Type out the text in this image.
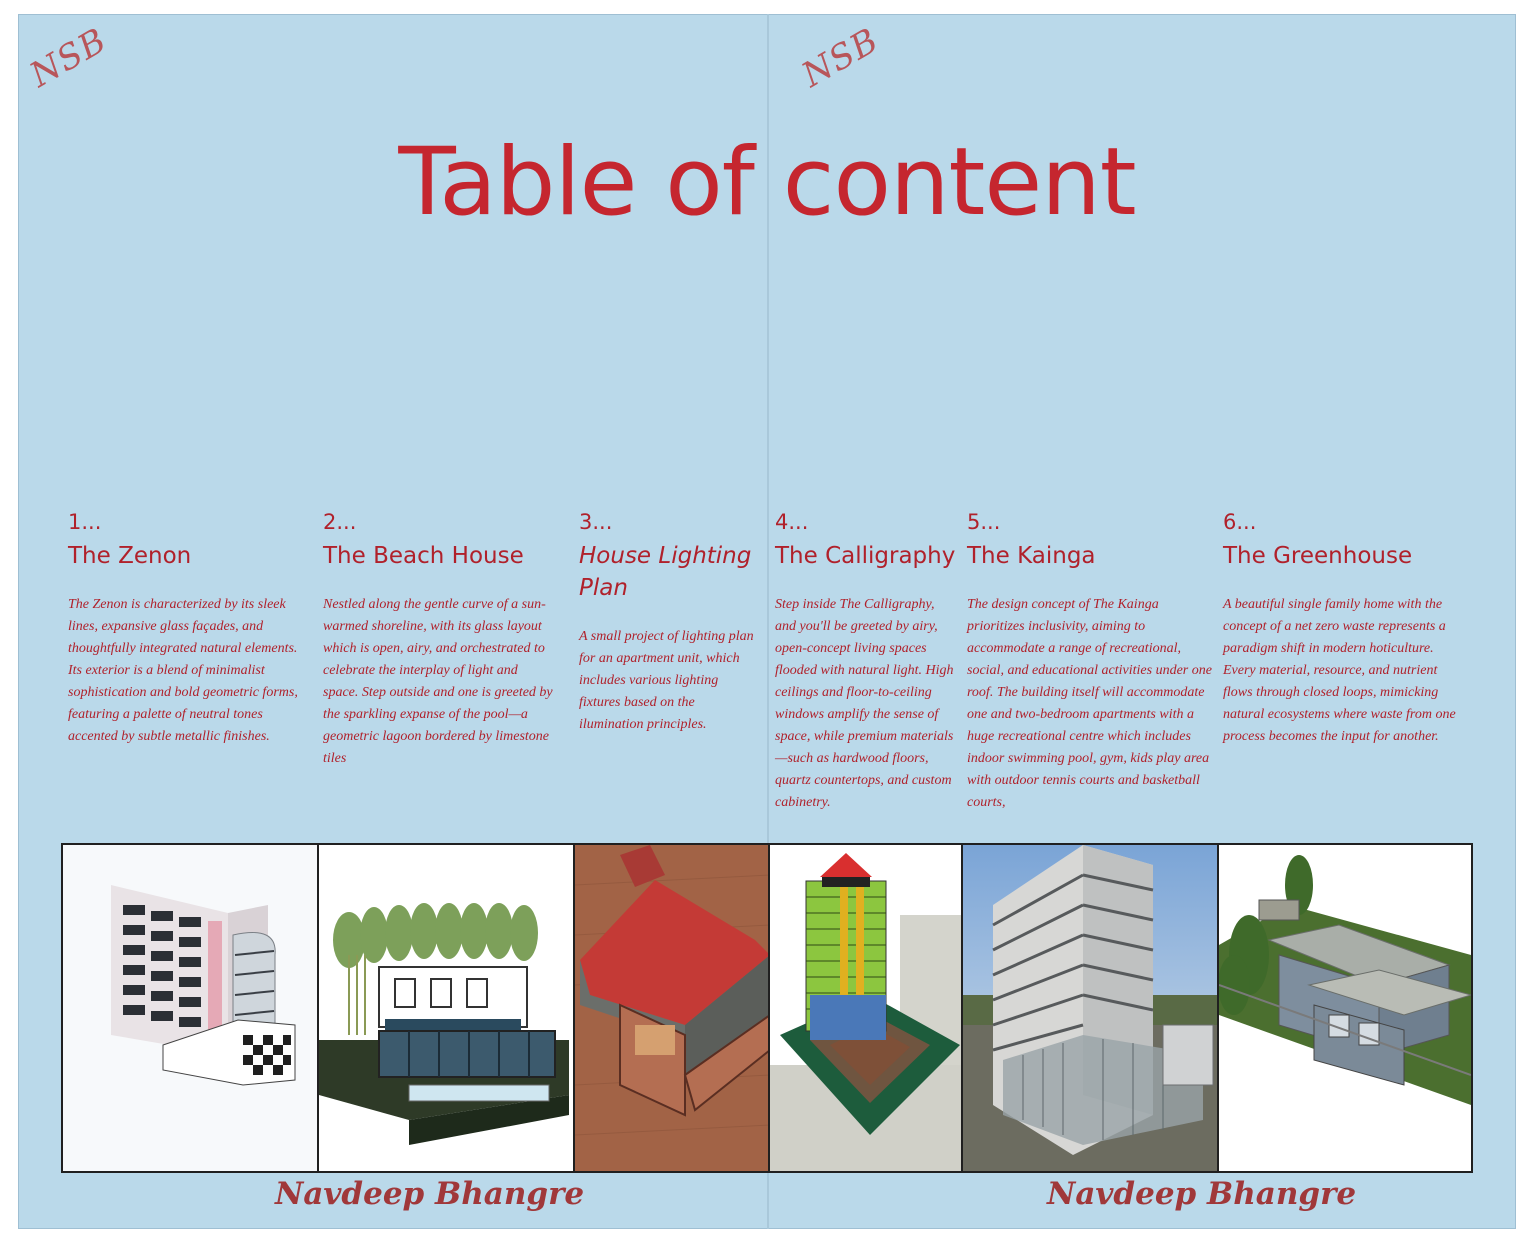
NSB	NSB
Table of content
1...
The Zenon
The Zenon is characterized by its sleek lines, expansive glass façades, and thoughtfully integrated natural elements. Its exterior is a blend of minimalist sophistication and bold geometric forms, featuring a palette of neutral tones accented by subtle metallic finishes.
2...
The Beach House
Nestled along the gentle curve of a sun-warmed shoreline, with its glass layout which is open, airy, and orchestrated to celebrate the interplay of light and space. Step outside and one is greeted by the sparkling expanse of the pool—a geometric lagoon bordered by limestone tiles
3...
House Lighting Plan
A small project of lighting plan for an apartment unit, which includes various lighting fixtures based on the ilumination principles.
4...
The Calligraphy
Step inside The Calligraphy, and you'll be greeted by airy, open-concept living spaces flooded with natural light. High ceilings and floor-to-ceiling windows amplify the sense of space, while premium materials—such as hardwood floors, quartz countertops, and custom cabinetry.
5...
The Kainga
The design concept of The Kainga prioritizes inclusivity, aiming to accommodate a range of recreational, social, and educational activities under one roof. The building itself will accommodate one and two-bedroom apartments with a huge recreational centre which includes indoor swimming pool, gym, kids play area with outdoor tennis courts and basketball courts,
6...
The Greenhouse
A beautiful single family home with the concept of a net zero waste represents a paradigm shift in modern hoticulture. Every material, resource, and nutrient flows through closed loops, mimicking natural ecosystems where waste from one process becomes the input for another.
Navdeep Bhangre	Navdeep Bhangre
